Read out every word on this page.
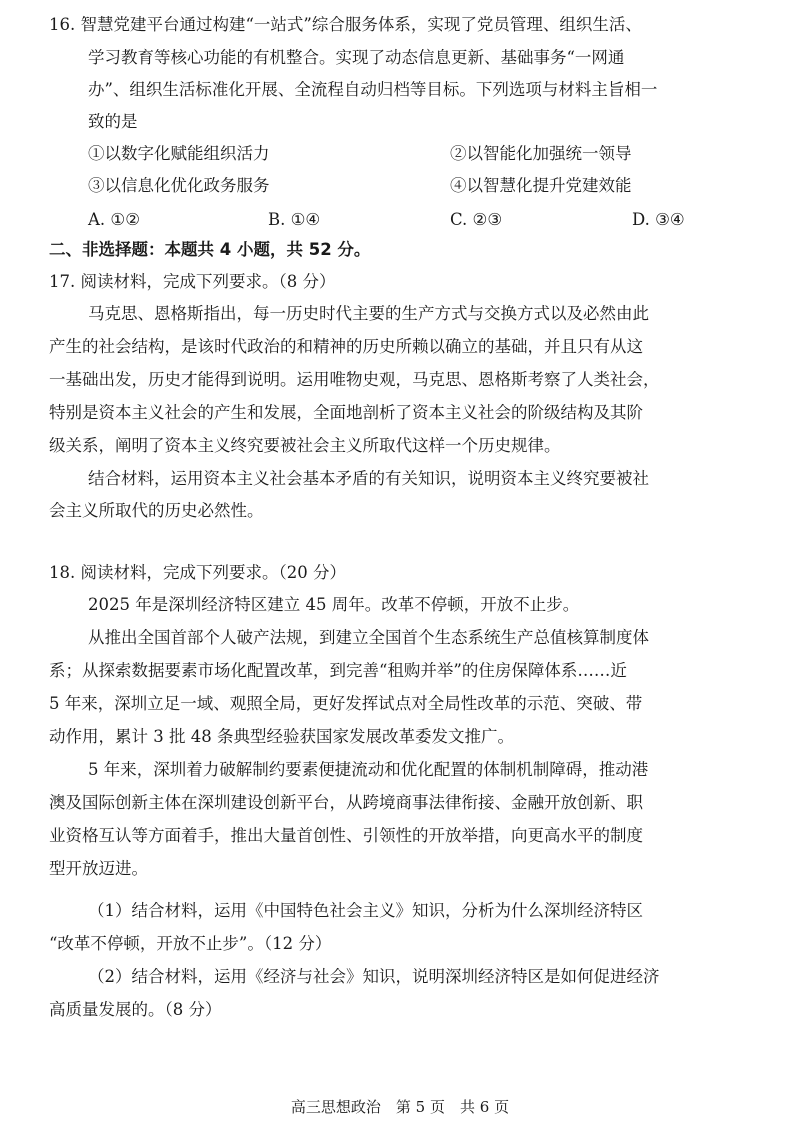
16. 智慧党建平台通过构建“一站式”综合服务体系，实现了党员管理、组织生活、
学习教育等核心功能的有机整合。实现了动态信息更新、基础事务“一网通
办”、组织生活标准化开展、全流程自动归档等目标。下列选项与材料主旨相一
致的是
①以数字化赋能组织活力	②以智能化加强统一领导
③以信息化优化政务服务	④以智慧化提升党建效能
A. ①②	B. ①④	C. ②③	D. ③④
二、非选择题：本题共 4 小题，共 52 分。
17. 阅读材料，完成下列要求。（8 分）
马克思、恩格斯指出，每一历史时代主要的生产方式与交换方式以及必然由此
产生的社会结构，是该时代政治的和精神的历史所赖以确立的基础，并且只有从这
一基础出发，历史才能得到说明。运用唯物史观，马克思、恩格斯考察了人类社会，
特别是资本主义社会的产生和发展，全面地剖析了资本主义社会的阶级结构及其阶
级关系，阐明了资本主义终究要被社会主义所取代这样一个历史规律。
结合材料，运用资本主义社会基本矛盾的有关知识，说明资本主义终究要被社
会主义所取代的历史必然性。
18. 阅读材料，完成下列要求。（20 分）
2025 年是深圳经济特区建立 45 周年。改革不停顿，开放不止步。
从推出全国首部个人破产法规，到建立全国首个生态系统生产总值核算制度体
系；从探索数据要素市场化配置改革，到完善“租购并举”的住房保障体系……近
5 年来，深圳立足一域、观照全局，更好发挥试点对全局性改革的示范、突破、带
动作用，累计 3 批 48 条典型经验获国家发展改革委发文推广。
5 年来，深圳着力破解制约要素便捷流动和优化配置的体制机制障碍，推动港
澳及国际创新主体在深圳建设创新平台，从跨境商事法律衔接、金融开放创新、职
业资格互认等方面着手，推出大量首创性、引领性的开放举措，向更高水平的制度
型开放迈进。
（1）结合材料，运用《中国特色社会主义》知识，分析为什么深圳经济特区
“改革不停顿，开放不止步”。（12 分）
（2）结合材料，运用《经济与社会》知识，说明深圳经济特区是如何促进经济
高质量发展的。（8 分）
高三思想政治　第 5 页　共 6 页
